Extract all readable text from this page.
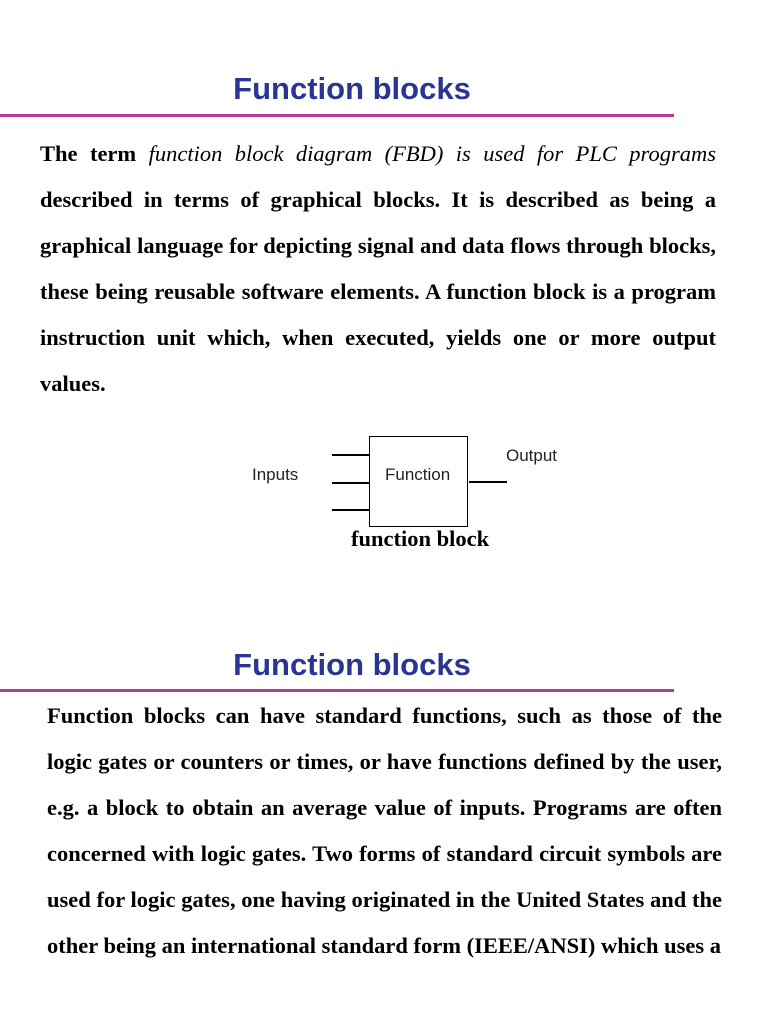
Function blocks

The term function block diagram (FBD) is used for PLC programs described in terms of graphical blocks. It is described as being a graphical language for depicting signal and data flows through blocks, these being reusable software elements. A function block is a program instruction unit which, when executed, yields one or more output values.

Inputs	Function
Output

function block

Function blocks

Function blocks can have standard functions, such as those of the logic gates or counters or times, or have functions defined by the user, e.g. a block to obtain an average value of inputs. Programs are often concerned with logic gates. Two forms of standard circuit symbols are used for logic gates, one having originated in the United States and the other being an international standard form (IEEE/ANSI) which uses a
